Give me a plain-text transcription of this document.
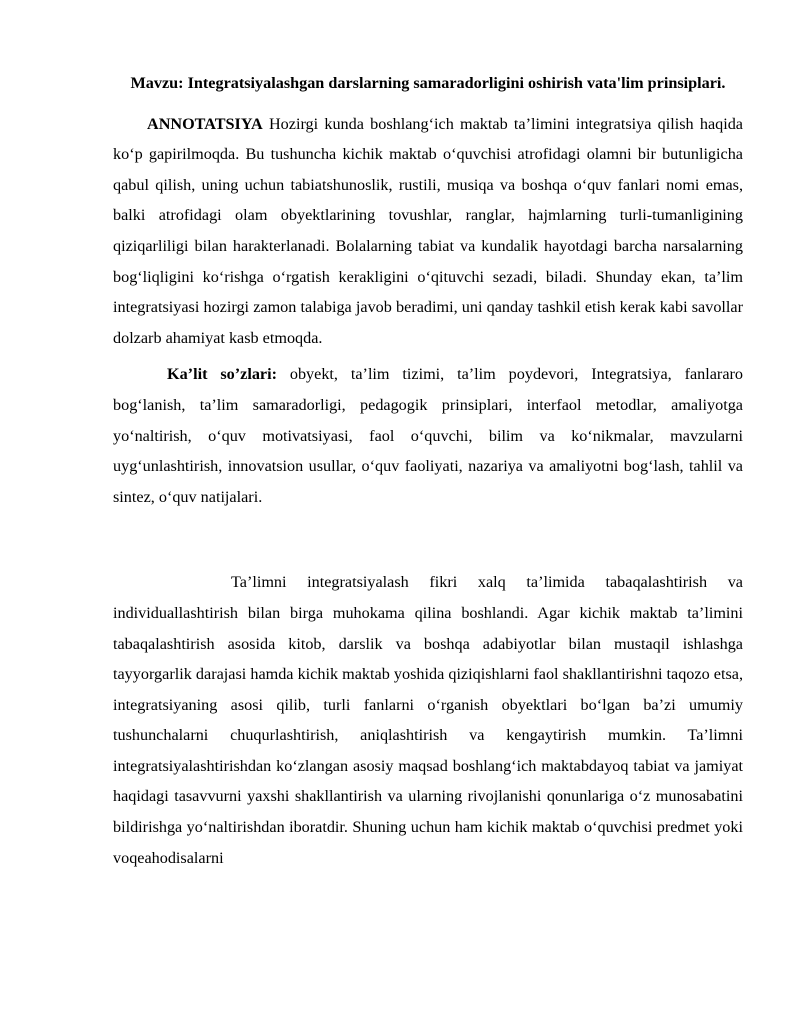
Mavzu: Integratsiyalashgan darslarning samaradorligini oshirish vata'lim prinsiplari.

ANNOTATSIYA Hozirgi kunda boshlang‘ich maktab ta’limini integratsiya qilish haqida ko‘p gapirilmoqda. Bu tushuncha kichik maktab o‘quvchisi atrofidagi olamni bir butunligicha qabul qilish, uning uchun tabiatshunoslik, rustili, musiqa va boshqa o‘quv fanlari nomi emas, balki atrofidagi olam obyektlarining tovushlar, ranglar, hajmlarning turli-tumanligining qiziqarliligi bilan harakterlanadi. Bolalarning tabiat va kundalik hayotdagi barcha narsalarning bog‘liqligini ko‘rishga o‘rgatish kerakligini o‘qituvchi sezadi, biladi. Shunday ekan, ta’lim integratsiyasi hozirgi zamon talabiga javob beradimi, uni qanday tashkil etish kerak kabi savollar dolzarb ahamiyat kasb etmoqda.

Ka’lit so’zlari: obyekt, ta’lim tizimi, ta’lim poydevori, Integratsiya, fanlararo bog‘lanish, ta’lim samaradorligi, pedagogik prinsiplari, interfaol metodlar, amaliyotga yo‘naltirish, o‘quv motivatsiyasi, faol o‘quvchi, bilim va ko‘nikmalar, mavzularni uyg‘unlashtirish, innovatsion usullar, o‘quv faoliyati, nazariya va amaliyotni bog‘lash, tahlil va sintez, o‘quv natijalari.

Ta’limni integratsiyalash fikri xalq ta’limida tabaqalashtirish va individuallashtirish bilan birga muhokama qilina boshlandi. Agar kichik maktab ta’limini tabaqalashtirish asosida kitob, darslik va boshqa adabiyotlar bilan mustaqil ishlashga tayyorgarlik darajasi hamda kichik maktab yoshida qiziqishlarni faol shakllantirishni taqozo etsa, integratsiyaning asosi qilib, turli fanlarni o‘rganish obyektlari bo‘lgan ba’zi umumiy tushunchalarni chuqurlashtirish, aniqlashtirish va kengaytirish mumkin. Ta’limni integratsiyalashtirishdan ko‘zlangan asosiy maqsad boshlang‘ich maktabdayoq tabiat va jamiyat haqidagi tasavvurni yaxshi shakllantirish va ularning rivojlanishi qonunlariga o‘z munosabatini bildirishga yo‘naltirishdan iboratdir. Shuning uchun ham kichik maktab o‘quvchisi predmet yoki voqeahodisalarni
